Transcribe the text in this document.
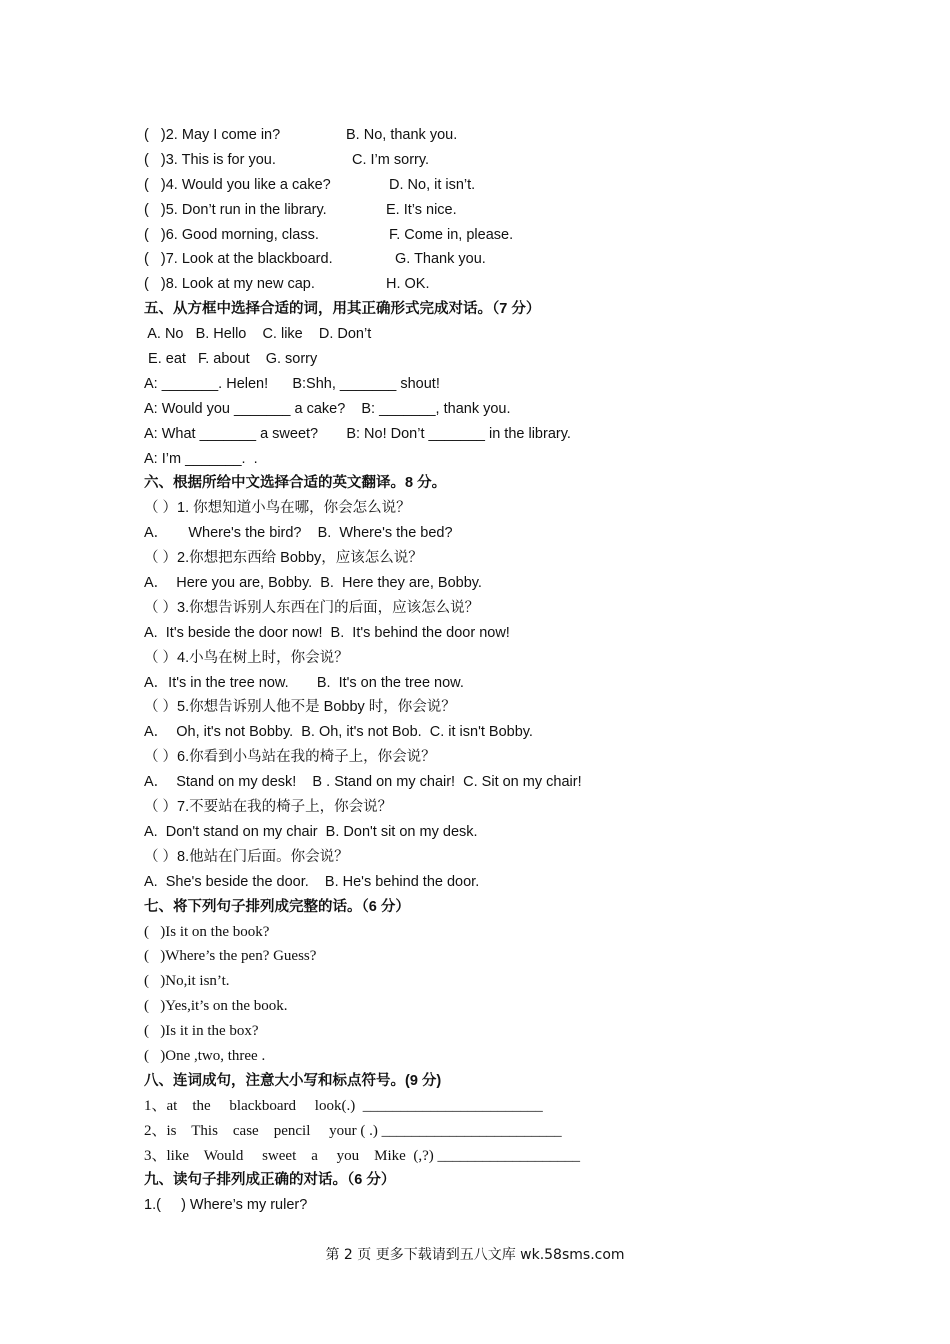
(   )2. May I come in?	B. No, thank you.
(   )3. This is for you.	C. I’m sorry.
(   )4. Would you like a cake?	D. No, it isn’t.
(   )5. Don’t run in the library.	E. It’s nice.
(   )6. Good morning, class.	F. Come in, please.
(   )7. Look at the blackboard.	G. Thank you.
(   )8. Look at my new cap.	H. OK.
五、从方框中选择合适的词，用其正确形式完成对话。（7 分）
A. No   B. Hello    C. like    D. Don’t
E. eat   F. about    G. sorry
A: _______. Helen!      B:Shh, _______ shout!
A: Would you _______ a cake?    B: _______, thank you.
A: What _______ a sweet?       B: No! Don’t _______ in the library.
A: I’m _______.  .
六、根据所给中文选择合适的英文翻译。8 分。
（ ）1. 你想知道小鸟在哪，你会怎么说？
A．     Where's the bird?    B.  Where's the bed?
（ ）2.你想把东西给 Bobby，应该怎么说？
A．  Here you are, Bobby.  B.  Here they are, Bobby.
（ ）3.你想告诉别人东西在门的后面，应该怎么说？
A.  It's beside the door now!  B.  It's behind the door now!
（ ）4.小鸟在树上时，你会说？
A．It's in the tree now.       B.  It's on the tree now.
（ ）5.你想告诉别人他不是 Bobby 时，你会说？
A．  Oh, it's not Bobby.  B. Oh, it's not Bob.  C. it isn't Bobby.
（ ）6.你看到小鸟站在我的椅子上，你会说？
A．  Stand on my desk!    B . Stand on my chair!  C. Sit on my chair!
（ ）7.不要站在我的椅子上，你会说？
A.  Don't stand on my chair  B. Don't sit on my desk.
（ ）8.他站在门后面。你会说？
A.  She's beside the door.    B. He's behind the door.
七、将下列句子排列成完整的话。（6 分）
(   )Is it on the book?
(   )Where’s the pen? Guess?
(   )No,it isn’t.
(   )Yes,it’s on the book.
(   )Is it in the box?
(   )One ,two, three .
八、连词成句，注意大小写和标点符号。(9 分)
1、at    the     blackboard     look(.)  ________________________
2、is    This    case    pencil     your ( .) ________________________
3、like    Would     sweet    a     you    Mike  (,?) ___________________
九、读句子排列成正确的对话。（6 分）
1.(     ) Where’s my ruler?
第 2 页 更多下载请到五八文库 wk.58sms.com
